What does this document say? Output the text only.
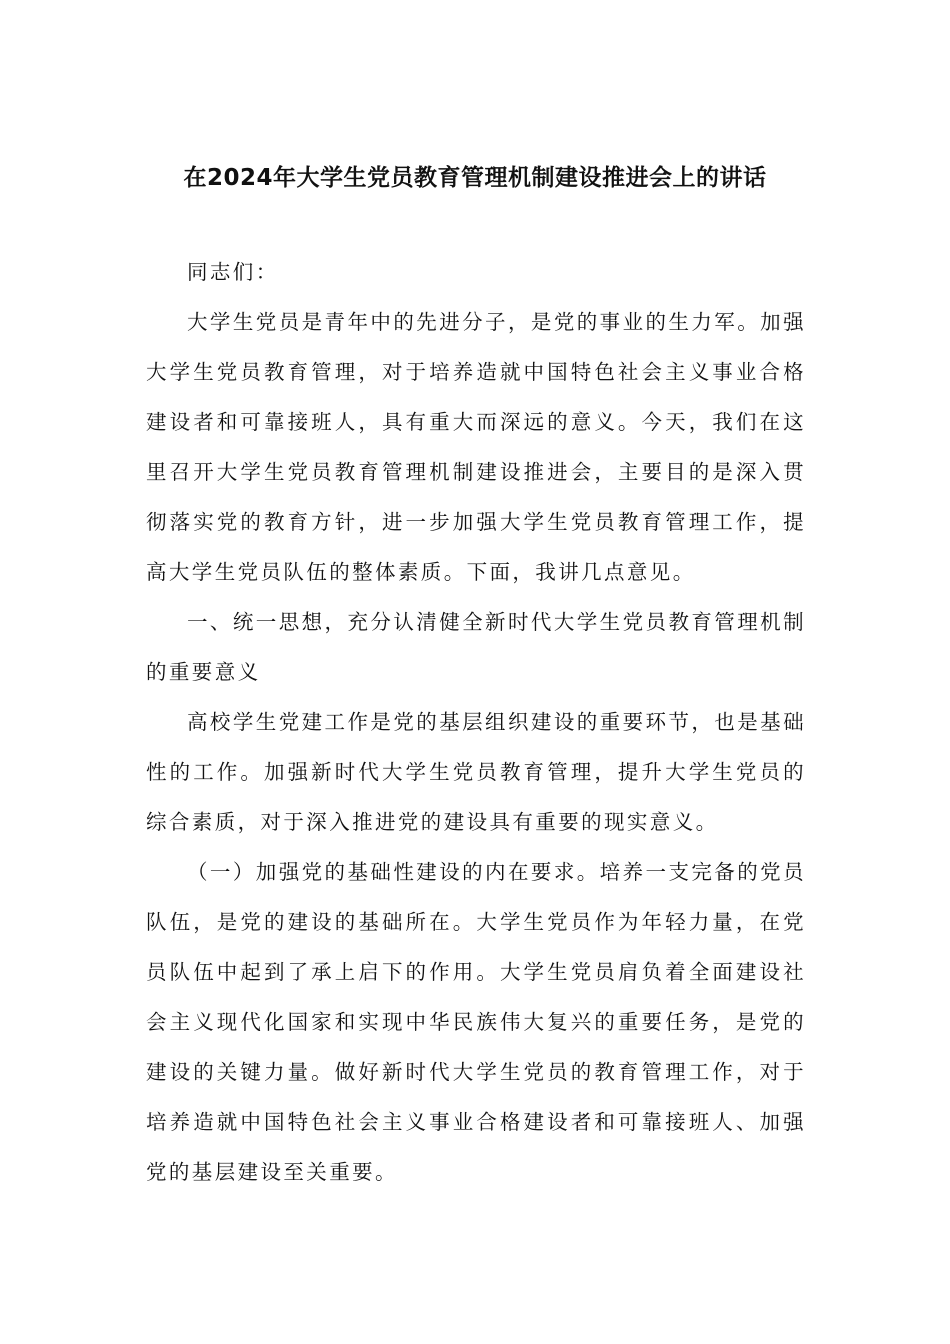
在2024年大学生党员教育管理机制建设推进会上的讲话

同志们：

大学生党员是青年中的先进分子，是党的事业的生力军。加强大学生党员教育管理，对于培养造就中国特色社会主义事业合格建设者和可靠接班人，具有重大而深远的意义。今天，我们在这里召开大学生党员教育管理机制建设推进会，主要目的是深入贯彻落实党的教育方针，进一步加强大学生党员教育管理工作，提高大学生党员队伍的整体素质。下面，我讲几点意见。

一、统一思想，充分认清健全新时代大学生党员教育管理机制的重要意义

高校学生党建工作是党的基层组织建设的重要环节，也是基础性的工作。加强新时代大学生党员教育管理，提升大学生党员的综合素质，对于深入推进党的建设具有重要的现实意义。

（一）加强党的基础性建设的内在要求。培养一支完备的党员队伍，是党的建设的基础所在。大学生党员作为年轻力量，在党员队伍中起到了承上启下的作用。大学生党员肩负着全面建设社会主义现代化国家和实现中华民族伟大复兴的重要任务，是党的建设的关键力量。做好新时代大学生党员的教育管理工作，对于培养造就中国特色社会主义事业合格建设者和可靠接班人、加强党的基层建设至关重要。
